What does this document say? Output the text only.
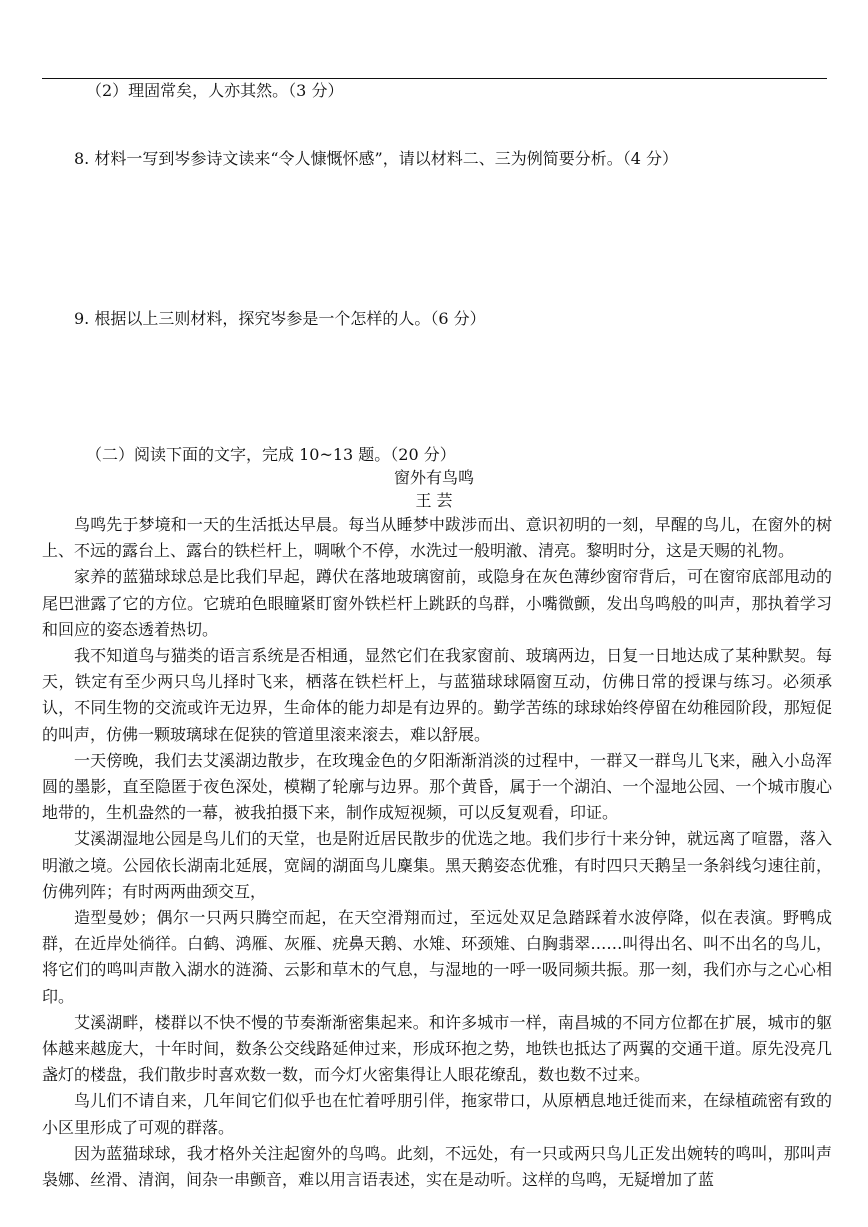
（2）理固常矣，人亦其然。（3 分）
8. 材料一写到岑参诗文读来“令人慷慨怀感”，请以材料二、三为例简要分析。（4 分）
9. 根据以上三则材料，探究岑参是一个怎样的人。（6 分）
（二）阅读下面的文字，完成 10~13 题。（20 分）
窗外有鸟鸣
王 芸

鸟鸣先于梦境和一天的生活抵达早晨。每当从睡梦中跋涉而出、意识初明的一刻，早醒的鸟儿，在窗外的树上、不远的露台上、露台的铁栏杆上，啁啾个不停，水洗过一般明澈、清亮。黎明时分，这是天赐的礼物。

家养的蓝猫球球总是比我们早起，蹲伏在落地玻璃窗前，或隐身在灰色薄纱窗帘背后，可在窗帘底部甩动的尾巴泄露了它的方位。它琥珀色眼瞳紧盯窗外铁栏杆上跳跃的鸟群，小嘴微颤，发出鸟鸣般的叫声，那执着学习和回应的姿态透着热切。

我不知道鸟与猫类的语言系统是否相通，显然它们在我家窗前、玻璃两边，日复一日地达成了某种默契。每天，铁定有至少两只鸟儿择时飞来，栖落在铁栏杆上，与蓝猫球球隔窗互动，仿佛日常的授课与练习。必须承认，不同生物的交流或许无边界，生命体的能力却是有边界的。勤学苦练的球球始终停留在幼稚园阶段，那短促的叫声，仿佛一颗玻璃球在促狭的管道里滚来滚去，难以舒展。

一天傍晚，我们去艾溪湖边散步，在玫瑰金色的夕阳渐渐消淡的过程中，一群又一群鸟儿飞来，融入小岛浑圆的墨影，直至隐匿于夜色深处，模糊了轮廓与边界。那个黄昏，属于一个湖泊、一个湿地公园、一个城市腹心地带的，生机盎然的一幕，被我拍摄下来，制作成短视频，可以反复观看，印证。

艾溪湖湿地公园是鸟儿们的天堂，也是附近居民散步的优选之地。我们步行十来分钟，就远离了喧嚣，落入明澈之境。公园依长湖南北延展，宽阔的湖面鸟儿麇集。黑天鹅姿态优雅，有时四只天鹅呈一条斜线匀速往前，仿佛列阵；有时两两曲颈交互，

造型曼妙；偶尔一只两只腾空而起，在天空滑翔而过，至远处双足急踏踩着水波停降，似在表演。野鸭成群，在近岸处徜徉。白鹤、鸿雁、灰雁、疣鼻天鹅、水雉、环颈雉、白胸翡翠……叫得出名、叫不出名的鸟儿，将它们的鸣叫声散入湖水的涟漪、云影和草木的气息，与湿地的一呼一吸同频共振。那一刻，我们亦与之心心相印。

艾溪湖畔，楼群以不快不慢的节奏渐渐密集起来。和许多城市一样，南昌城的不同方位都在扩展，城市的躯体越来越庞大，十年时间，数条公交线路延伸过来，形成环抱之势，地铁也抵达了两翼的交通干道。原先没亮几盏灯的楼盘，我们散步时喜欢数一数，而今灯火密集得让人眼花缭乱，数也数不过来。

鸟儿们不请自来，几年间它们似乎也在忙着呼朋引伴，拖家带口，从原栖息地迁徙而来，在绿植疏密有致的小区里形成了可观的群落。

因为蓝猫球球，我才格外关注起窗外的鸟鸣。此刻，不远处，有一只或两只鸟儿正发出婉转的鸣叫，那叫声袅娜、丝滑、清润，间杂一串颤音，难以用言语表述，实在是动听。这样的鸟鸣，无疑增加了蓝
